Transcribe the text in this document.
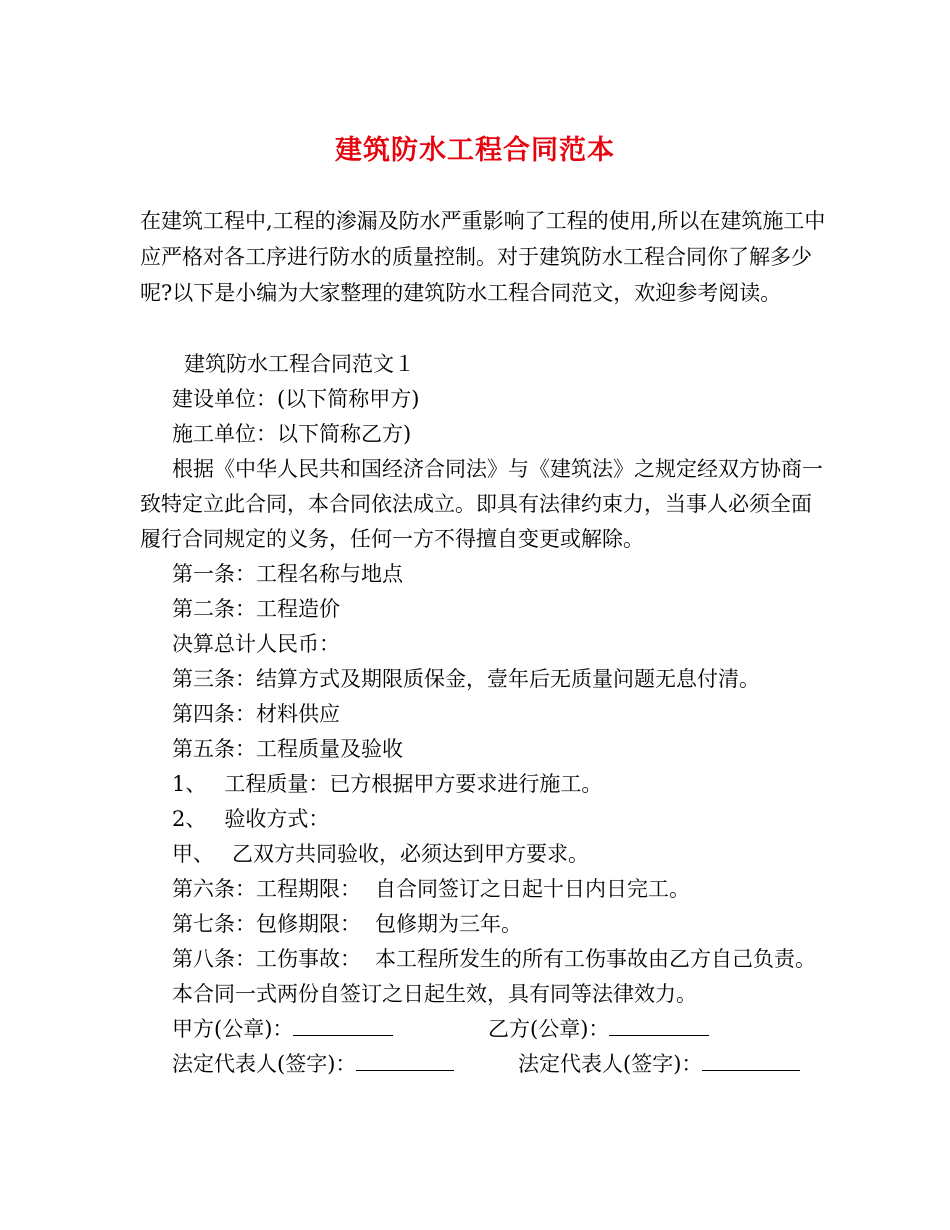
建筑防水工程合同范本

在建筑工程中,工程的渗漏及防水严重影响了工程的使用,所以在建筑施工中应严格对各工序进行防水的质量控制。对于建筑防水工程合同你了解多少呢?以下是小编为大家整理的建筑防水工程合同范文，欢迎参考阅读。

建筑防水工程合同范文１

建设单位：(以下简称甲方)

施工单位：以下简称乙方)

根据《中华人民共和国经济合同法》与《建筑法》之规定经双方协商一致特定立此合同，本合同依法成立。即具有法律约束力，当事人必须全面履行合同规定的义务，任何一方不得擅自变更或解除。

第一条：工程名称与地点

第二条：工程造价

决算总计人民币：

第三条：结算方式及期限质保金，壹年后无质量问题无息付清。

第四条：材料供应

第五条：工程质量及验收

1、 工程质量：已方根据甲方要求进行施工。

2、 验收方式：

甲、 乙双方共同验收，必须达到甲方要求。

第六条：工程期限： 自合同签订之日起十日内日完工。

第七条：包修期限： 包修期为三年。

第八条：工伤事故： 本工程所发生的所有工伤事故由乙方自己负责。

本合同一式两份自签订之日起生效，具有同等法律效力。

甲方(公章)：	乙方(公章)：
法定代表人(签字)：	法定代表人(签字)：
